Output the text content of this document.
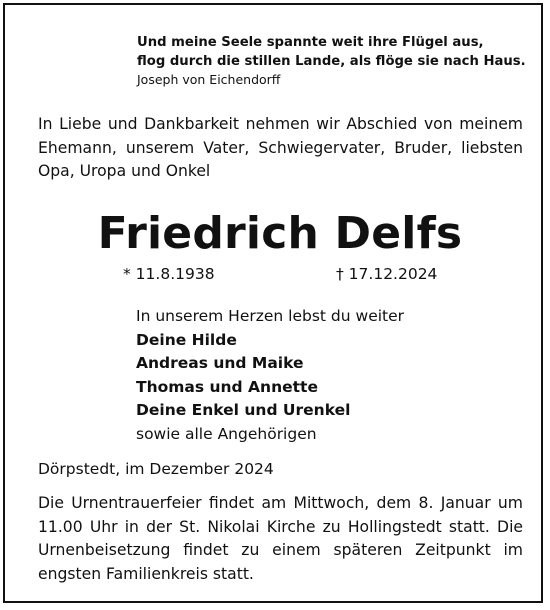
Und meine Seele spannte weit ihre Flügel aus,
flog durch die stillen Lande, als flöge sie nach Haus.
Joseph von Eichendorff
In Liebe und Dankbarkeit nehmen wir Abschied von meinem Ehemann, unserem Vater, Schwiegervater, Bruder, liebsten Opa, Uropa und Onkel
Friedrich Delfs
* 11.8.1938	† 17.12.2024
In unserem Herzen lebst du weiter
Deine Hilde
Andreas und Maike
Thomas und Annette
Deine Enkel und Urenkel
sowie alle Angehörigen
Dörpstedt, im Dezember 2024
Die Urnentrauerfeier findet am Mittwoch, dem 8. Januar um 11.00 Uhr in der St. Nikolai Kirche zu Hollingstedt statt. Die Urnenbeisetzung findet zu einem späteren Zeitpunkt im engsten Familienkreis statt.
